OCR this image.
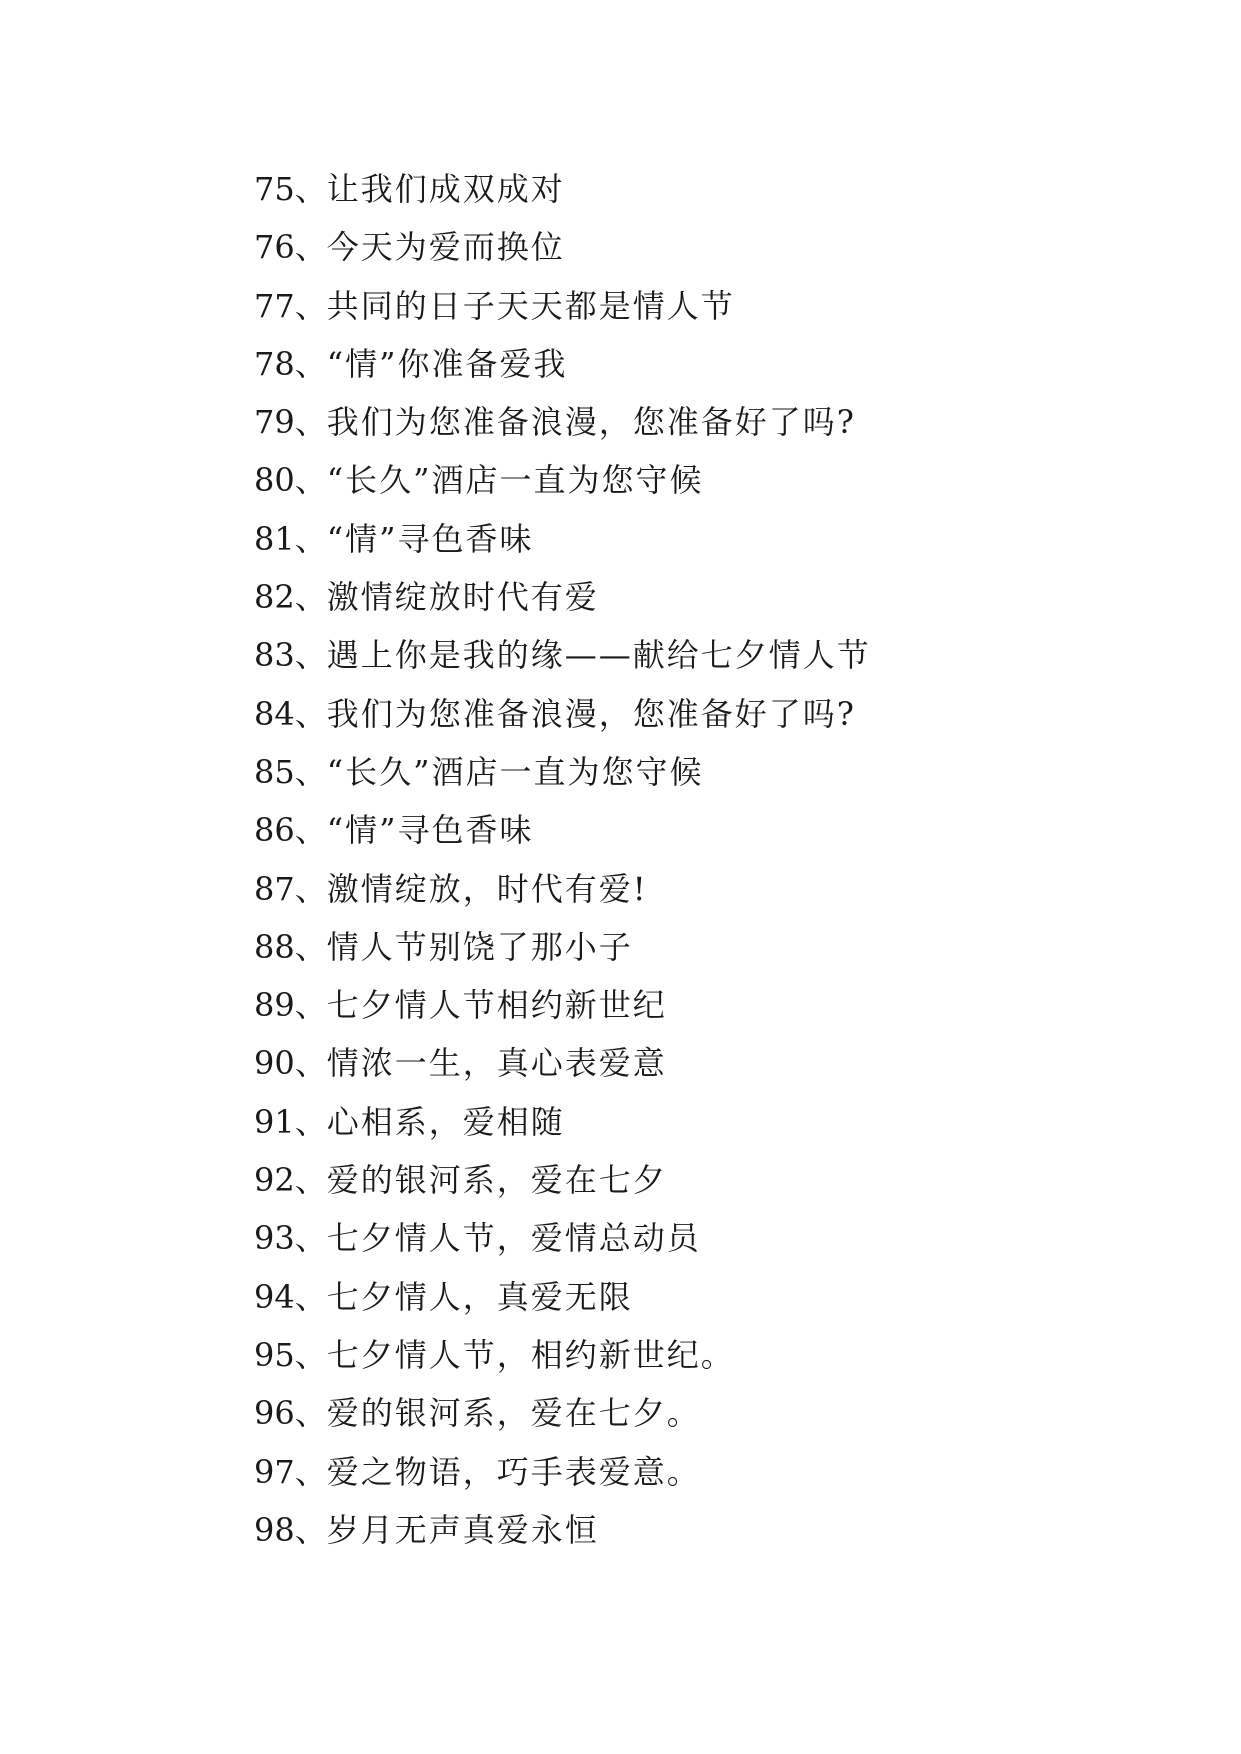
75、让我们成双成对
76、今天为爱而换位
77、共同的日子天天都是情人节
78、“情”你准备爱我
79、我们为您准备浪漫，您准备好了吗?
80、“长久”酒店一直为您守候
81、“情”寻色香味
82、激情绽放时代有爱
83、遇上你是我的缘——献给七夕情人节
84、我们为您准备浪漫，您准备好了吗?
85、“长久”酒店一直为您守候
86、“情”寻色香味
87、激情绽放，时代有爱!
88、情人节别饶了那小子
89、七夕情人节相约新世纪
90、情浓一生，真心表爱意
91、心相系，爱相随
92、爱的银河系，爱在七夕
93、七夕情人节，爱情总动员
94、七夕情人，真爱无限
95、七夕情人节，相约新世纪。
96、爱的银河系，爱在七夕。
97、爱之物语，巧手表爱意。
98、岁月无声真爱永恒
